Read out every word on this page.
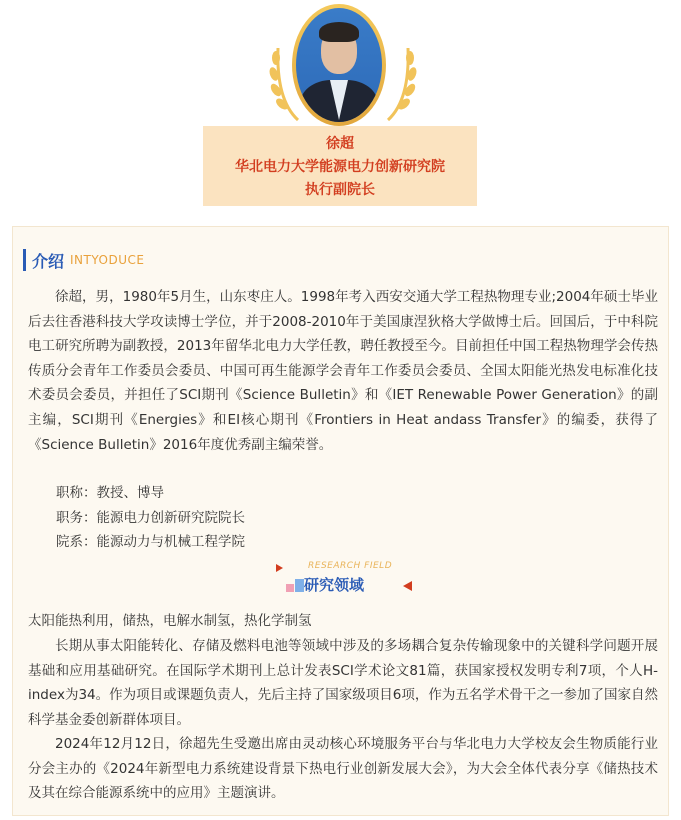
徐超
华北电力大学能源电力创新研究院
执行副院长
介绍 INTYODUCE
徐超，男，1980年5月生，山东枣庄人。1998年考入西安交通大学工程热物理专业;2004年硕士毕业后去往香港科技大学攻读博士学位，并于2008-2010年于美国康涅狄格大学做博士后。回国后，于中科院电工研究所聘为副教授，2013年留华北电力大学任教，聘任教授至今。目前担任中国工程热物理学会传热传质分会青年工作委员会委员、中国可再生能源学会青年工作委员会委员、全国太阳能光热发电标准化技术委员会委员，并担任了SCI期刊《Science Bulletin》和《IET Renewable Power Generation》的副主编，SCI期刊《Energies》和EI核心期刊《Frontiers in Heat andass Transfer》的编委，获得了《Science Bulletin》2016年度优秀副主编荣誉。
职称：教授、博导
职务：能源电力创新研究院院长
院系：能源动力与机械工程学院
RESEARCH FIELD
研究领域
太阳能热利用，储热，电解水制氢，热化学制氢
长期从事太阳能转化、存储及燃料电池等领域中涉及的多场耦合复杂传输现象中的关键科学问题开展基础和应用基础研究。在国际学术期刊上总计发表SCI学术论文81篇，获国家授权发明专利7项，个人H-index为34。作为项目或课题负责人，先后主持了国家级项目6项，作为五名学术骨干之一参加了国家自然科学基金委创新群体项目。
2024年12月12日，徐超先生受邀出席由灵动核心环境服务平台与华北电力大学校友会生物质能行业分会主办的《2024年新型电力系统建设背景下热电行业创新发展大会》，为大会全体代表分享《储热技术及其在综合能源系统中的应用》主题演讲。
